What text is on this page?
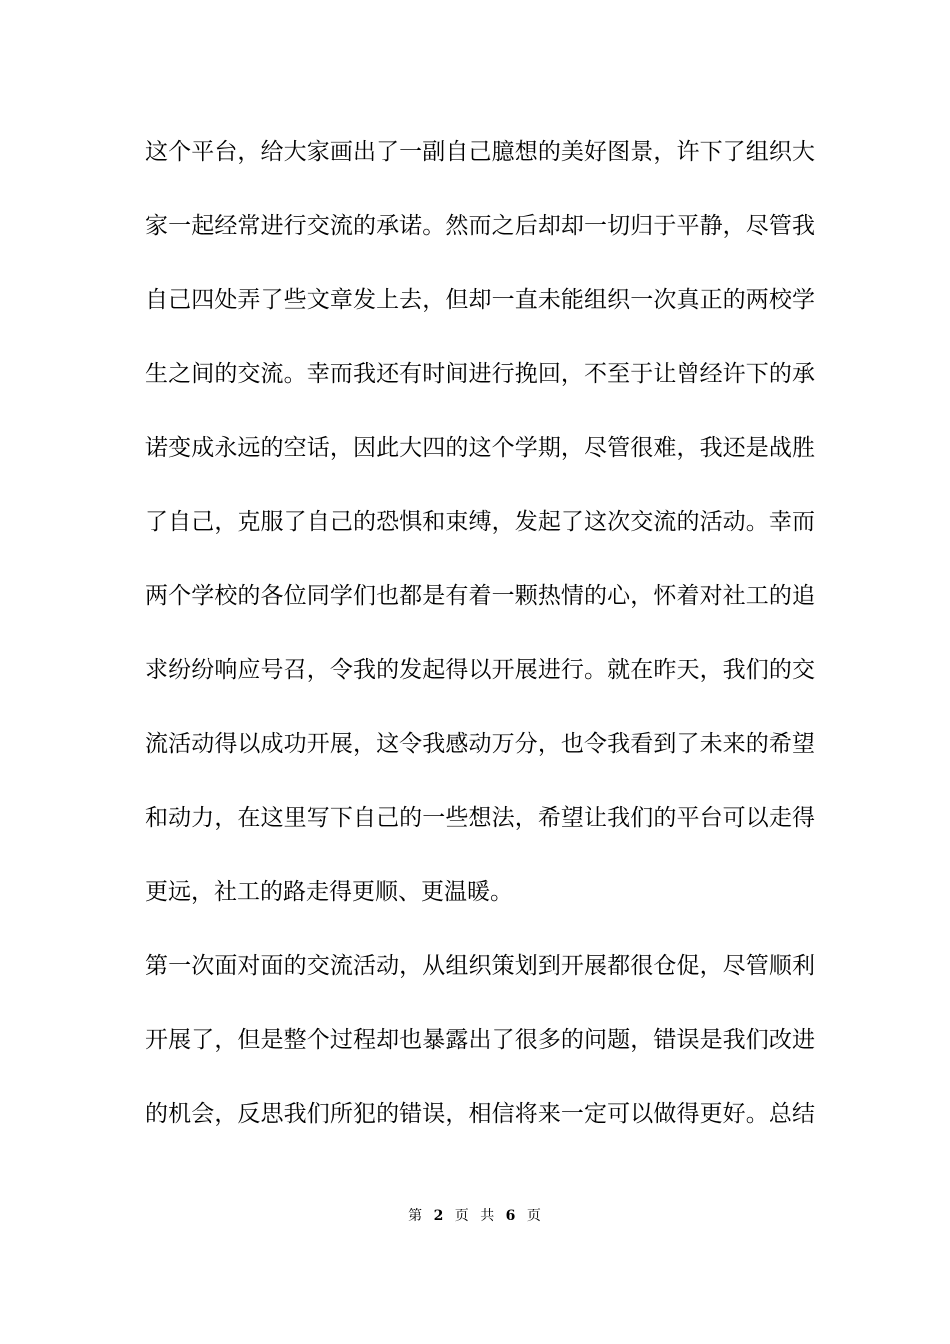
这个平台，给大家画出了一副自己臆想的美好图景，许下了组织大
家一起经常进行交流的承诺。然而之后却却一切归于平静，尽管我
自己四处弄了些文章发上去，但却一直未能组织一次真正的两校学
生之间的交流。幸而我还有时间进行挽回，不至于让曾经许下的承
诺变成永远的空话，因此大四的这个学期，尽管很难，我还是战胜
了自己，克服了自己的恐惧和束缚，发起了这次交流的活动。幸而
两个学校的各位同学们也都是有着一颗热情的心，怀着对社工的追
求纷纷响应号召，令我的发起得以开展进行。就在昨天，我们的交
流活动得以成功开展，这令我感动万分，也令我看到了未来的希望
和动力，在这里写下自己的一些想法，希望让我们的平台可以走得
更远，社工的路走得更顺、更温暖。
第一次面对面的交流活动，从组织策划到开展都很仓促，尽管顺利
开展了，但是整个过程却也暴露出了很多的问题，错误是我们改进
的机会，反思我们所犯的错误，相信将来一定可以做得更好。总结
第 2 页 共 6 页
